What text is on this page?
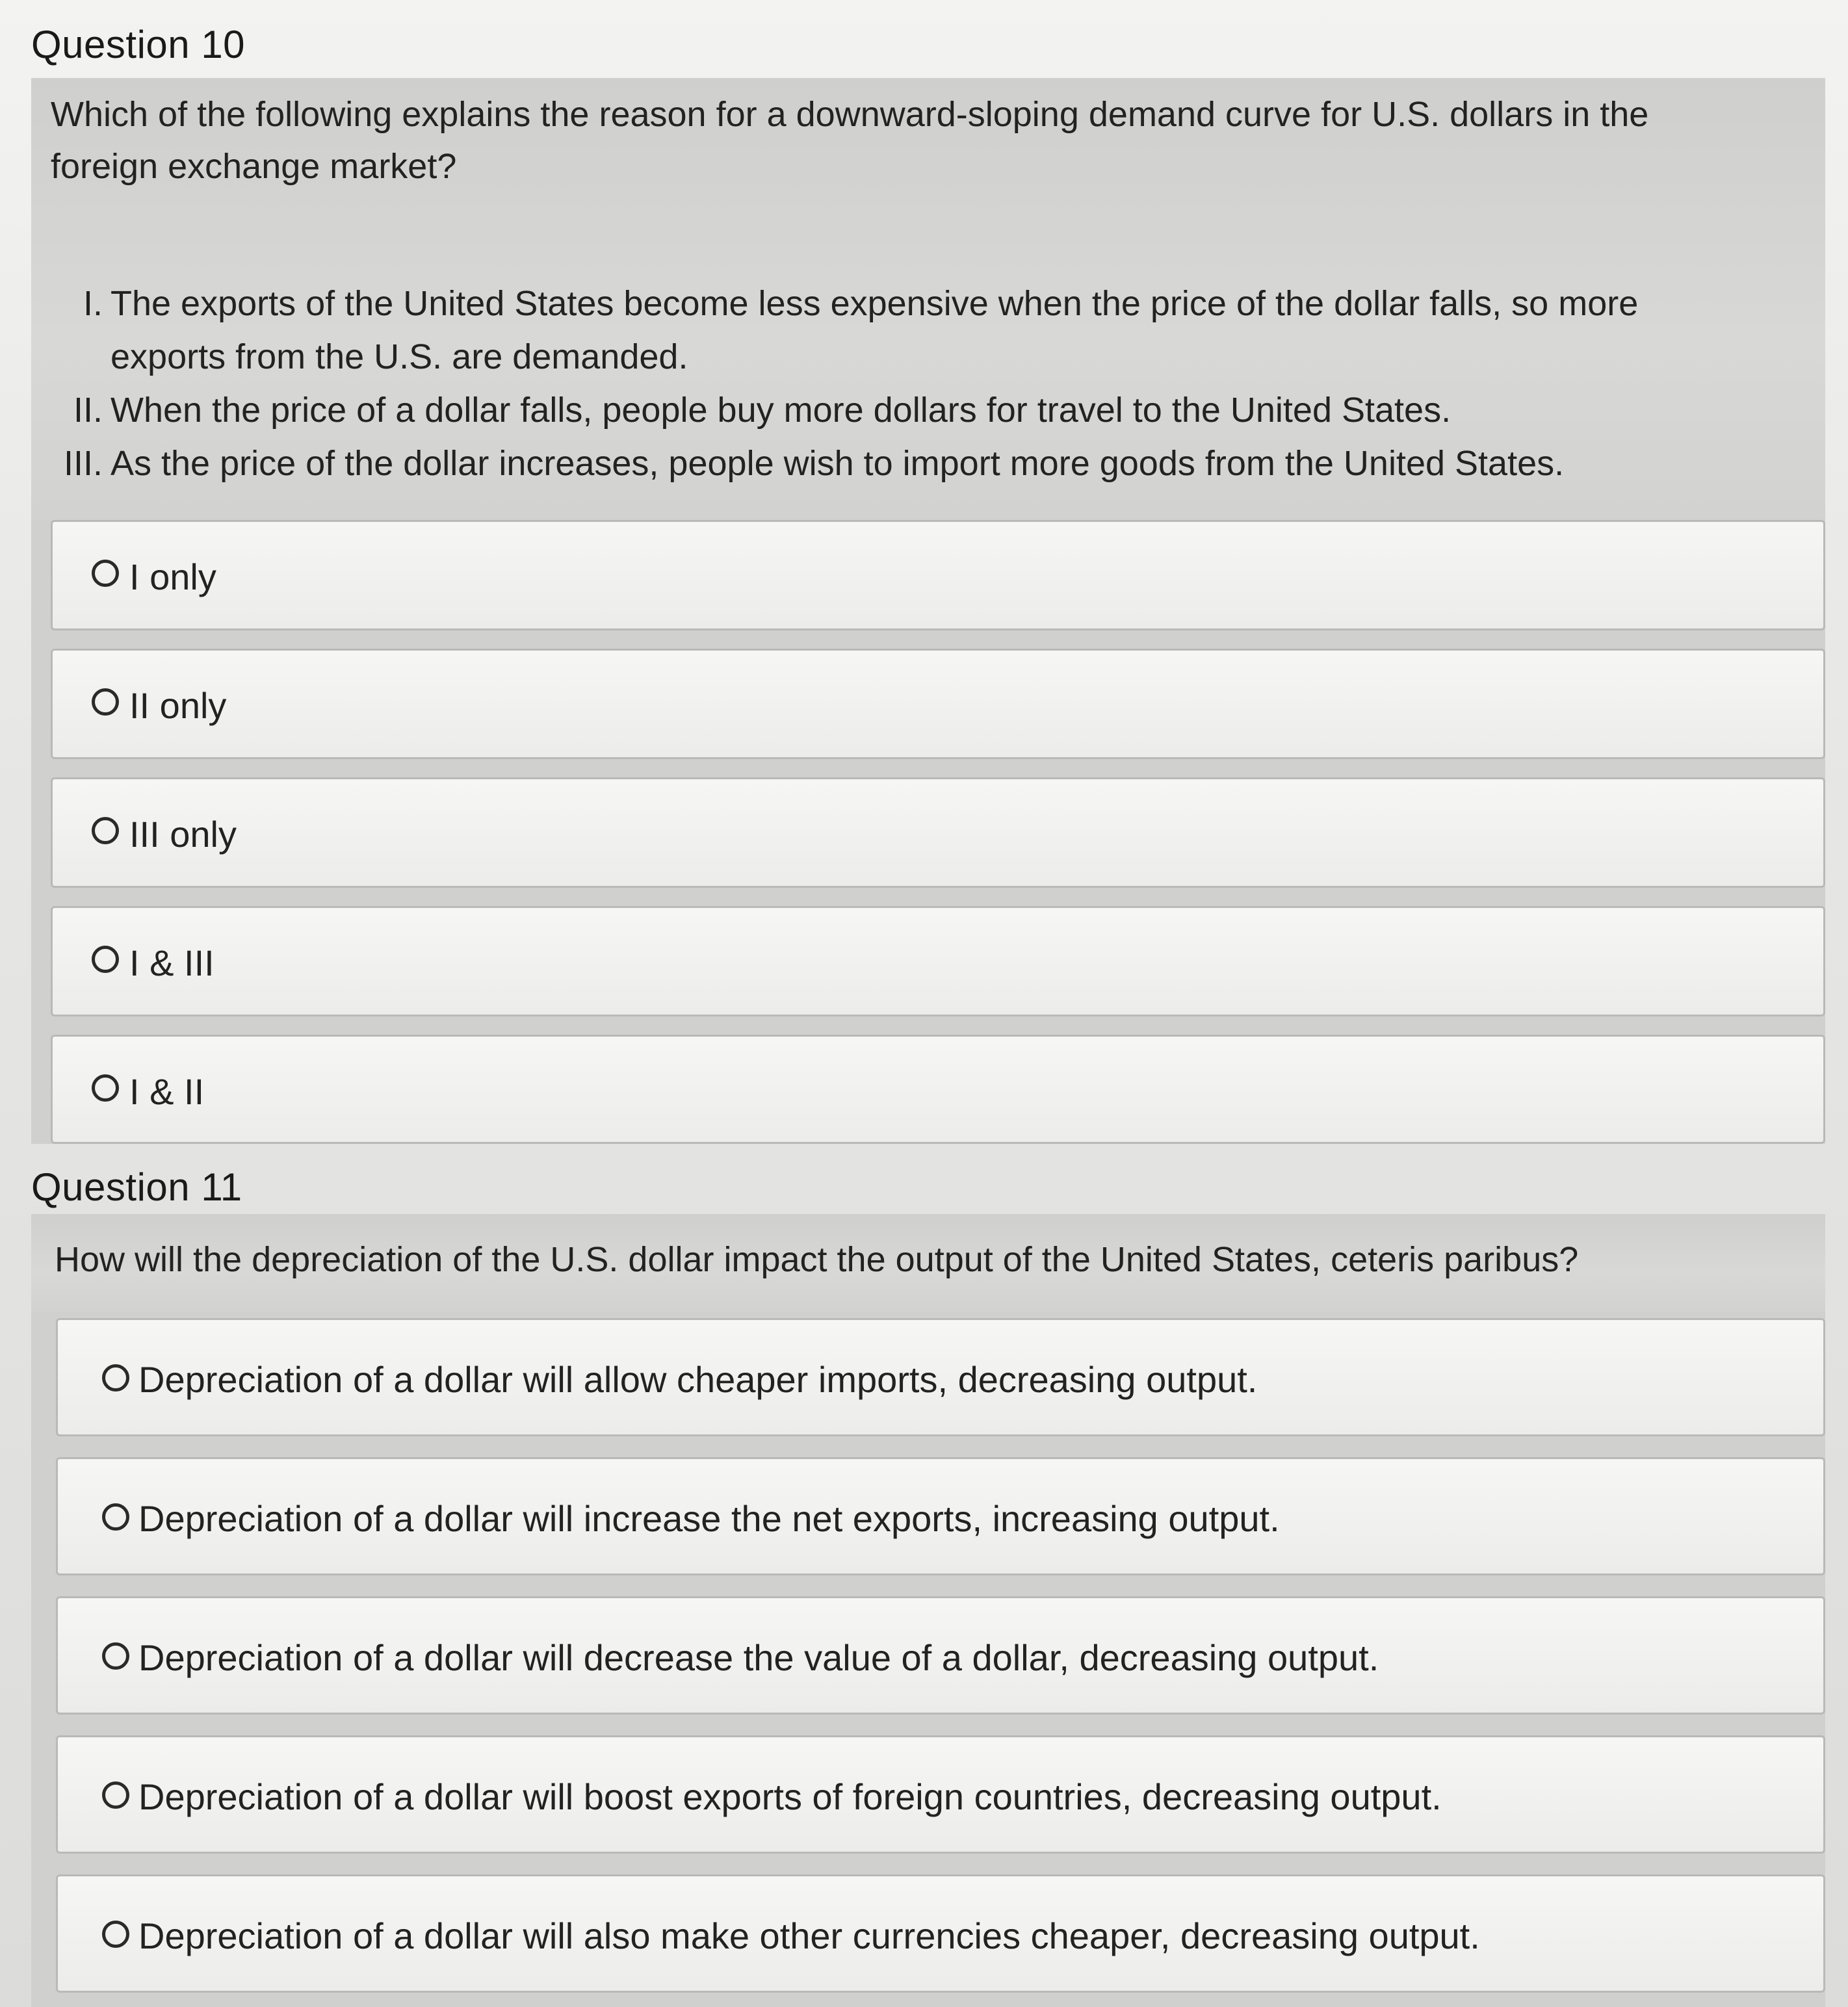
Question 10
Which of the following explains the reason for a downward-sloping demand curve for U.S. dollars in the
foreign exchange market?
I. The exports of the United States become less expensive when the price of the dollar falls, so more
exports from the U.S. are demanded.
II. When the price of a dollar falls, people buy more dollars for travel to the United States.
III. As the price of the dollar increases, people wish to import more goods from the United States.
I only
II only
III only
I & III
I & II
Question 11
How will the depreciation of the U.S. dollar impact the output of the United States, ceteris paribus?
Depreciation of a dollar will allow cheaper imports, decreasing output.
Depreciation of a dollar will increase the net exports, increasing output.
Depreciation of a dollar will decrease the value of a dollar, decreasing output.
Depreciation of a dollar will boost exports of foreign countries, decreasing output.
Depreciation of a dollar will also make other currencies cheaper, decreasing output.
